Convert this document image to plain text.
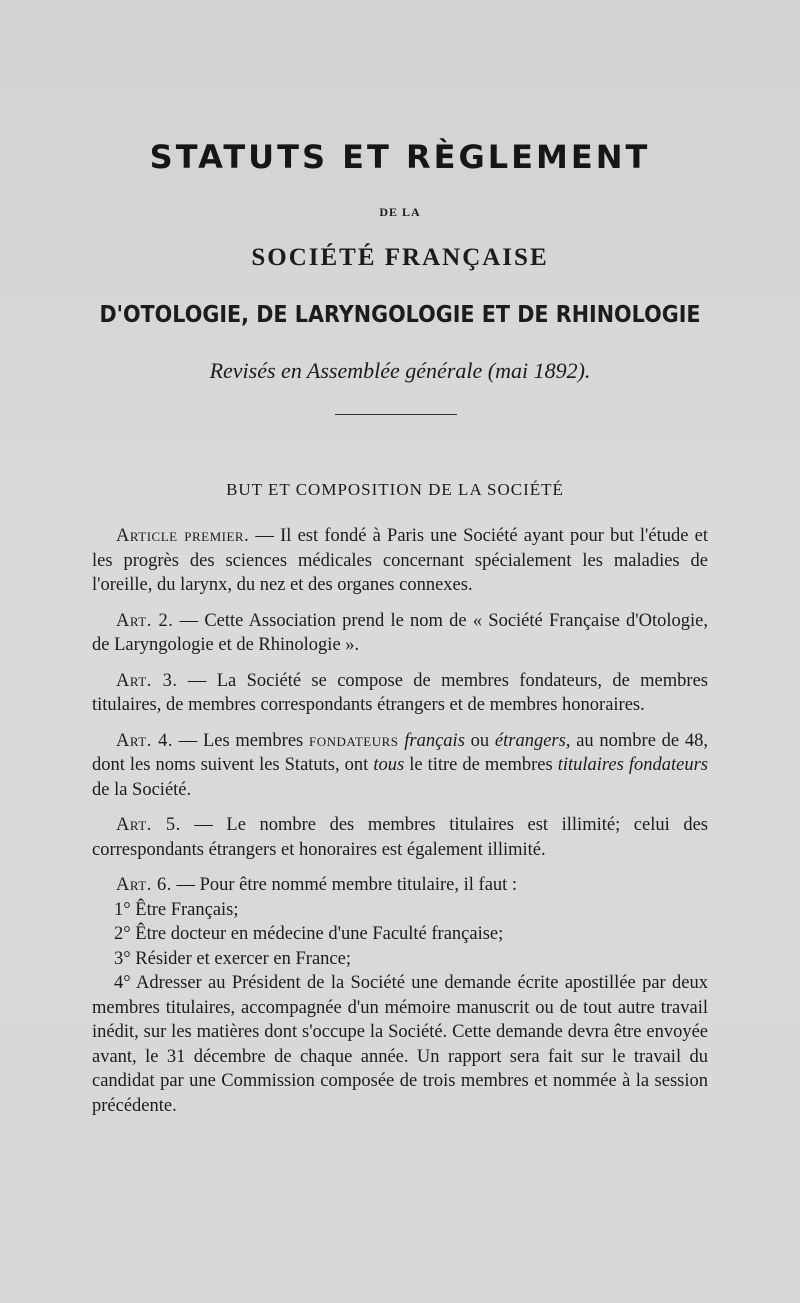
STATUTS ET RÈGLEMENT
DE LA
SOCIÉTÉ FRANÇAISE
D'OTOLOGIE, DE LARYNGOLOGIE ET DE RHINOLOGIE
Revisés en Assemblée générale (mai 1892).
BUT ET COMPOSITION DE LA SOCIÉTÉ

Article premier. — Il est fondé à Paris une Société ayant pour but l'étude et les progrès des sciences médicales concernant spécialement les maladies de l'oreille, du larynx, du nez et des organes connexes.

Art. 2. — Cette Association prend le nom de « Société Française d'Otologie, de Laryngologie et de Rhinologie ».

Art. 3. — La Société se compose de membres fondateurs, de membres titulaires, de membres correspondants étrangers et de membres honoraires.

Art. 4. — Les membres fondateurs français ou étrangers, au nombre de 48, dont les noms suivent les Statuts, ont tous le titre de membres titulaires fondateurs de la Société.

Art. 5. — Le nombre des membres titulaires est illimité; celui des correspondants étrangers et honoraires est également illimité.

Art. 6. — Pour être nommé membre titulaire, il faut :

1° Être Français;

2° Être docteur en médecine d'une Faculté française;

3° Résider et exercer en France;

4° Adresser au Président de la Société une demande écrite apostillée par deux membres titulaires, accompagnée d'un mémoire manuscrit ou de tout autre travail inédit, sur les matières dont s'occupe la Société. Cette demande devra être envoyée avant, le 31 décembre de chaque année. Un rapport sera fait sur le travail du candidat par une Commission composée de trois membres et nommée à la session précédente.
